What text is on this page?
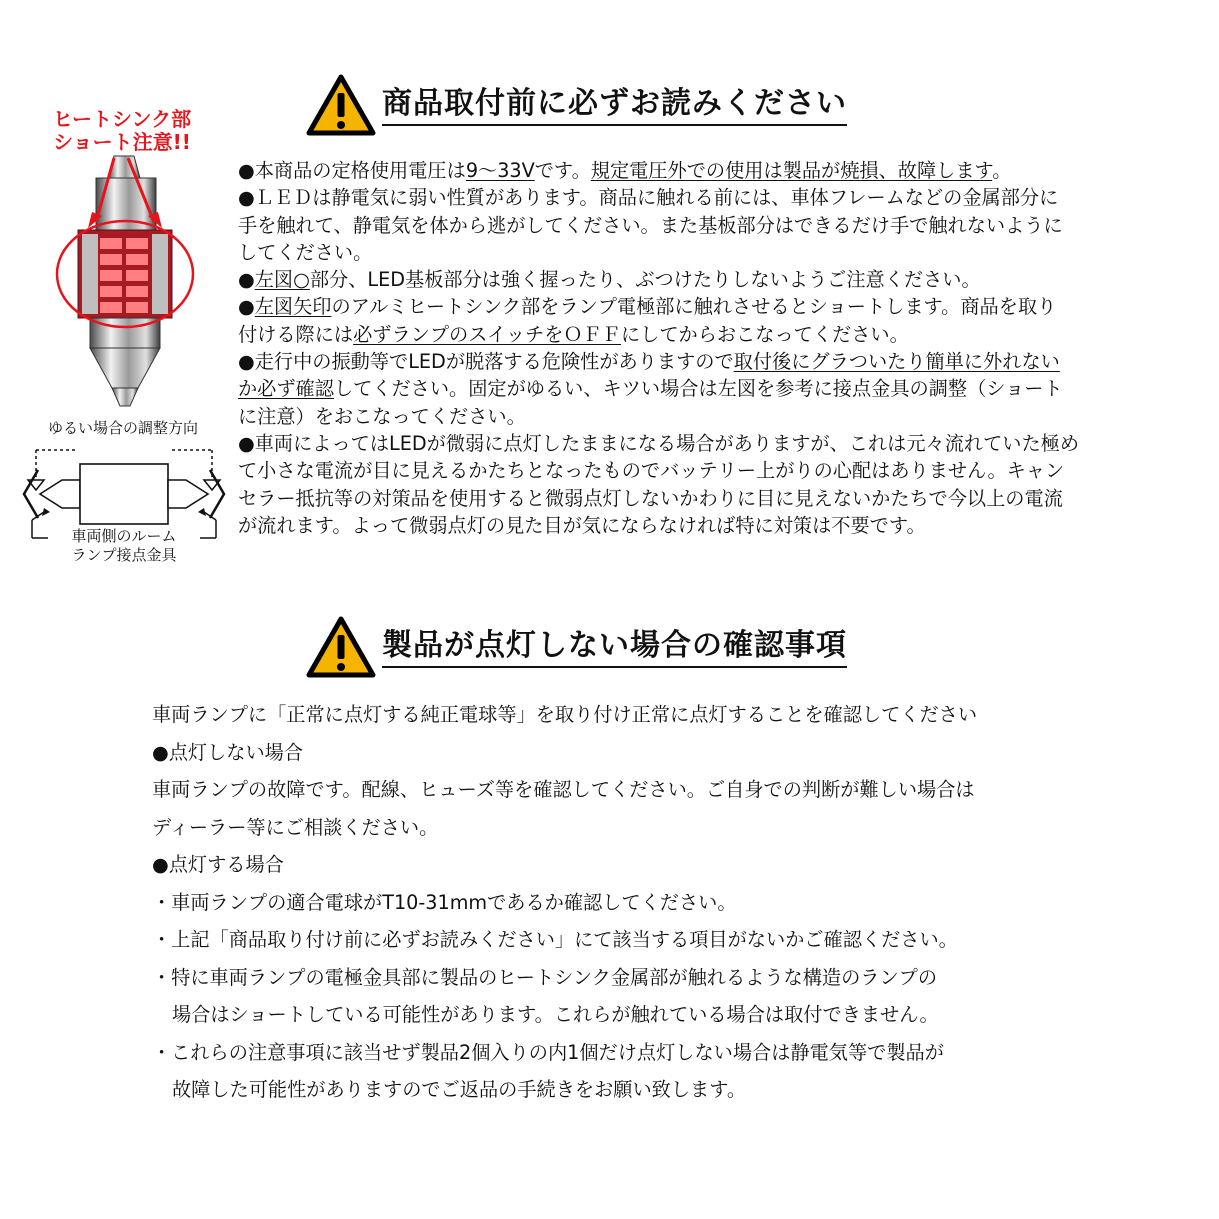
商品取付前に必ずお読みください
●本商品の定格使用電圧は9～33Vです。規定電圧外での使用は製品が焼損、故障します。
●ＬＥＤは静電気に弱い性質があります。商品に触れる前には、車体フレームなどの金属部分に
手を触れて、静電気を体から逃がしてください。また基板部分はできるだけ手で触れないように
してください。
●左図○部分、LED基板部分は強く握ったり、ぶつけたりしないようご注意ください。
●左図矢印のアルミヒートシンク部をランプ電極部に触れさせるとショートします。商品を取り
付ける際には必ずランプのスイッチをＯＦＦにしてからおこなってください。
●走行中の振動等でLEDが脱落する危険性がありますので取付後にグラついたり簡単に外れない
か必ず確認してください。固定がゆるい、キツい場合は左図を参考に接点金具の調整（ショート
に注意）をおこなってください。
●車両によってはLEDが微弱に点灯したままになる場合がありますが、これは元々流れていた極め
て小さな電流が目に見えるかたちとなったものでバッテリー上がりの心配はありません。キャン
セラー抵抗等の対策品を使用すると微弱点灯しないかわりに目に見えないかたちで今以上の電流
が流れます。よって微弱点灯の見た目が気にならなければ特に対策は不要です。
ヒートシンク部
ショート注意!!
ゆるい場合の調整方向
車両側のルーム
ランプ接点金具
製品が点灯しない場合の確認事項
車両ランプに「正常に点灯する純正電球等」を取り付け正常に点灯することを確認してください
●点灯しない場合
車両ランプの故障です。配線、ヒューズ等を確認してください。ご自身での判断が難しい場合は
ディーラー等にご相談ください。
●点灯する場合
・車両ランプの適合電球がT10-31mmであるか確認してください。
・上記「商品取り付け前に必ずお読みください」にて該当する項目がないかご確認ください。
・特に車両ランプの電極金具部に製品のヒートシンク金属部が触れるような構造のランプの
場合はショートしている可能性があります。これらが触れている場合は取付できません。
・これらの注意事項に該当せず製品2個入りの内1個だけ点灯しない場合は静電気等で製品が
故障した可能性がありますのでご返品の手続きをお願い致します。
